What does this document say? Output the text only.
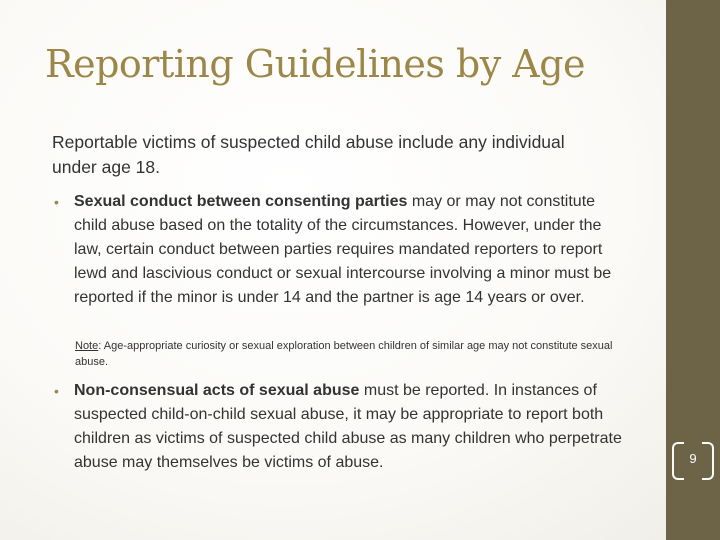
Reporting Guidelines by Age
Reportable victims of suspected child abuse include any individual under age 18.
• Sexual conduct between consenting parties may or may not constitute child abuse based on the totality of the circumstances. However, under the law, certain conduct between parties requires mandated reporters to report lewd and lascivious conduct or sexual intercourse involving a minor must be reported if the minor is under 14 and the partner is age 14 years or over.
Note: Age-appropriate curiosity or sexual exploration between children of similar age may not constitute sexual abuse.
• Non-consensual acts of sexual abuse must be reported. In instances of suspected child-on-child sexual abuse, it may be appropriate to report both children as victims of suspected child abuse as many children who perpetrate abuse may themselves be victims of abuse.	9
